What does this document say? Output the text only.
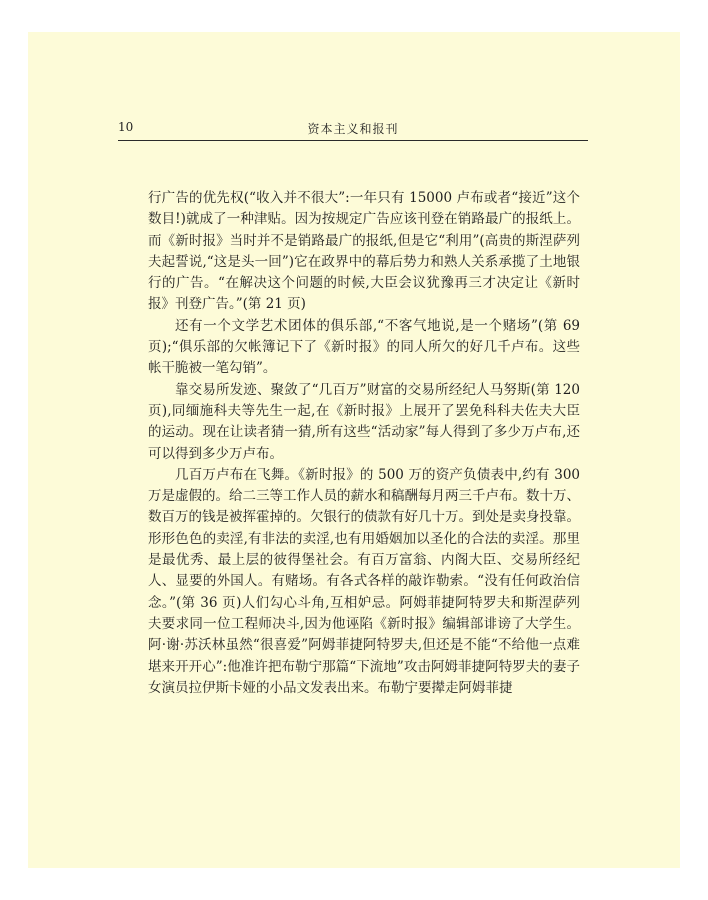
10	资本主义和报刊

行广告的优先权(“收入并不很大”:一年只有 15000 卢布或者“接近”这个数目!)就成了一种津贴。因为按规定广告应该刊登在销路最广的报纸上。而《新时报》当时并不是销路最广的报纸,但是它“利用”(高贵的斯涅萨列夫起誓说,“这是头一回”)它在政界中的幕后势力和熟人关系承揽了土地银行的广告。“在解决这个问题的时候,大臣会议犹豫再三才决定让《新时报》刊登广告。”(第 21 页)

还有一个文学艺术团体的俱乐部,“不客气地说,是一个赌场”(第 69 页);“俱乐部的欠帐簿记下了《新时报》的同人所欠的好几千卢布。这些帐干脆被一笔勾销”。

靠交易所发迹、聚敛了“几百万”财富的交易所经纪人马努斯(第 120 页),同缅施科夫等先生一起,在《新时报》上展开了罢免科科夫佐夫大臣的运动。现在让读者猜一猜,所有这些“活动家”每人得到了多少万卢布,还可以得到多少万卢布。

几百万卢布在飞舞。《新时报》的 500 万的资产负债表中,约有 300 万是虚假的。给二三等工作人员的薪水和稿酬每月两三千卢布。数十万、数百万的钱是被挥霍掉的。欠银行的债款有好几十万。到处是卖身投靠。形形色色的卖淫,有非法的卖淫,也有用婚姻加以圣化的合法的卖淫。那里是最优秀、最上层的彼得堡社会。有百万富翁、内阁大臣、交易所经纪人、显要的外国人。有赌场。有各式各样的敲诈勒索。“没有任何政治信念。”(第 36 页)人们勾心斗角,互相妒忌。阿姆菲捷阿特罗夫和斯涅萨列夫要求同一位工程师决斗,因为他诬陷《新时报》编辑部诽谤了大学生。阿·谢·苏沃林虽然“很喜爱”阿姆菲捷阿特罗夫,但还是不能“不给他一点难堪来开开心”:他准许把布勒宁那篇“下流地”攻击阿姆菲捷阿特罗夫的妻子女演员拉伊斯卡娅的小品文发表出来。布勒宁要撵走阿姆菲捷
